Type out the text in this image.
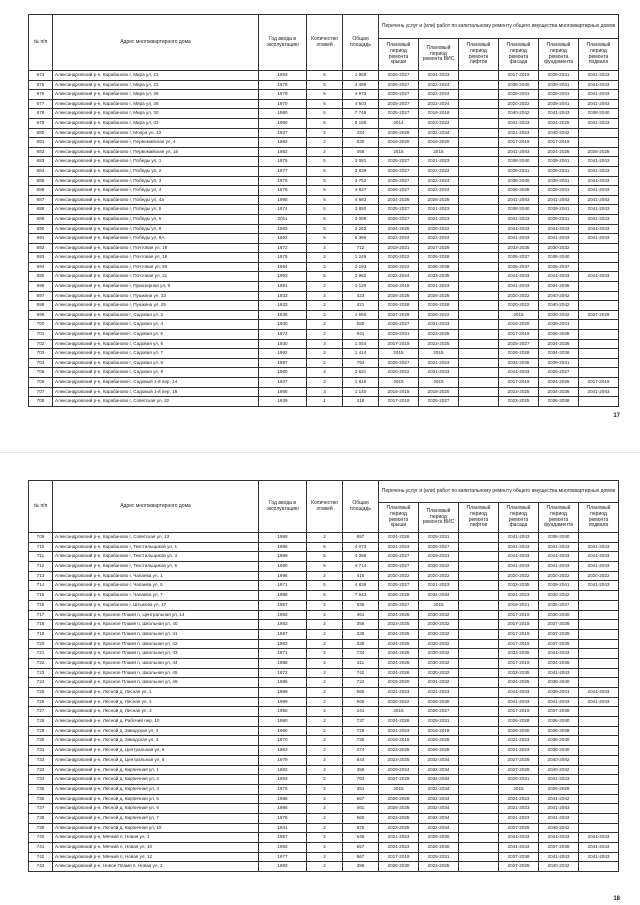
№ п/п	Адрес многоквартирного дома	Год ввода в эксплуатацию	Количество этажей	Общая площадь	Перечень услуг и (или) работ по капитальному ремонту общего имущества многоквартирных домов					
					Плановый период ремонта крыши	Плановый период ремонта ВИС	Плановый период ремонта лифтов	Плановый период ремонта фасада	Плановый период ремонта фундамента	Плановый период ремонта подвала
674	Александровский р-н, Карабаново г, Мира ул, 22	1983	5	1 858	2025-2027	2031-2033		2017-2019	2039-2041	2041-2043
675	Александровский р-н, Карабаново г, Мира ул, 23	1978	5	4 486	2026-2027	2022-2024		2038-2040	2039-2041	2041-2043
676	Александровский р-н, Карабаново г, Мира ул, 26	1979	5	4 973	2025-2027	2022-2024		2039-2041	2039-2041	2041-2043
677	Александровский р-н, Карабаново г, Мира ул, 28	1970	5	4 503	2025-2027	2022-2024		2020-2022	2039-2041	2041-2043
678	Александровский р-н, Карабаново г, Мира ул, 30	1980	5	7 746	2025-2027	2016-2018		2040-2042	2041-2043	2038-2040
679	Александровский р-н, Карабаново г, Мира ул, 33	1980	5	6 185	2014	2023-2024		2041-2043	2024-2026	2041-2043
680	Александровский р-н, Карабаново г, Мопра ул, 13	1937	2	424	2026-2028	2032-2034		2021-2023	2040-2042	
681	Александровский р-н, Карабаново г, Первомайская ул, 4	1982	2	630	2018-2020	2018-2020		2017-2019	2017-2019	
682	Александровский р-н, Карабаново г, Первомайская ул, 16	1982	2	458	2015	2015		2041-2043	2024-2026	2026-2028
683	Александровский р-н, Карабаново г, Победы ул, 1	1975	5	3 081	2025-2027	2021-2023		2038-2040	2039-2041	2041-2043
684	Александровский р-н, Карабаново г, Победы ул, 2	1977	5	3 839	2025-2027	2022-2024		2039-2041	2039-2041	2041-2043
685	Александровский р-н, Карабаново г, Победы ул, 3	1975	5	3 752	2025-2027	2022-2024		2038-2040	2039-2041	2041-2043
686	Александровский р-н, Карабаново г, Победы ул, 4	1976	5	4 827	2026-2027	2022-2024		2036-2038	2039-2041	2041-2043
687	Александровский р-н, Карабаново г, Победы ул, 4а	1988	5	4 683	2024-2026	2026-2028		2041-2043	2041-2043	2041-2043
688	Александровский р-н, Карабаново г, Победы ул, 5	1974	5	3 650	2025-2027	2021-2023		2038-2040	2039-2041	2041-2043
689	Александровский р-н, Карабаново г, Победы ул, 6	2011	5	3 089	2025-2027	2021-2023		2041-2043	2039-2041	2041-2043
690	Александровский р-н, Карабаново г, Победы ул, 8	1983	5	3 262	2024-2026	2020-2022		2041-2043	2041-2043	2041-2043
691	Александровский р-н, Карабаново г, Победы ул, 8А	1992	5	5 396	2022-2024	2022-2024		2041-2043	2041-2043	2041-2043
692	Александровский р-н, Карабаново г, Почтовая ул, 19	1972	2	712	2019-2021	2027-2029		2033-2035	2030-2032	
693	Александровский р-н, Карабаново г, Почтовая ул, 19	1975	3	1 249	2020-2022	2026-2028		2035-2037	2038-2040	
694	Александровский р-н, Карабаново г, Почтовая ул, 20	1984	3	2 193	2020-2022	2036-2038		2035-2037	2035-2037	
695	Александровский р-н, Карабаново г, Почтовая ул, 21	1993	5	2 982	2022-2024	2033-2035		2041-2043	2041-2043	2041-2043
696	Александровский р-н, Карабаново г, Приозерная ул, 6	1981	2	1 120	2016-2018	2021-2023		2041-2043	2034-2036	
697	Александровский р-н, Карабаново г, Пушкина ул, 23	1933	2	423	2026-2028	2026-2028		2020-2022	2040-2042	
698	Александровский р-н, Карабаново г, Пушкина ул, 25	1933	2	421	2026-2028	2026-2028		2020-2022	2040-2042	
699	Александровский р-н, Карабаново г, Садовая ул, 3	1938	3	1 550	2027-2029	2020-2022		2015	2030-2032	2027-2029
700	Александровский р-н, Карабаново г, Садовая ул, 4	1930	2	580	2025-2027	2031-2033		2016-2020	2039-2041	
701	Александровский р-н, Карабаново г, Садовая ул, 5	1972	2	941	2029-2031	2023-2025		2017-2019	2036-2038	
702	Александровский р-н, Карабаново г, Садовая ул, 6	1930	3	1 054	2017-2019	2023-2025		2025-2027	2034-2036	
703	Александровский р-н, Карабаново г, Садовая ул, 7	1992	3	1 414	2015	2015		2026-2028	2034-2036	
704	Александровский р-н, Карабаново г, Садовая ул, 8	1987	2	793	2025-2027	2021-2023		2033-2035	2039-2041	
705	Александровский р-н, Карабаново г, Садовая ул, 9	1980	4	2 831	2020-2022	2031-2033		2041-2043	2025-2027	
706	Александровский р-н, Карабаново г, Садовый 1-й пер, 14	1937	3	1 815	2015	2015		2017-2019	2024-2026	2017-2019
707	Александровский р-н, Карабаново г, Садовый 1-й пер, 18	1958	3	1 140	2016-2018	2018-2020		2023-2025	2034-2036	2041-2043
708	Александровский р-н, Карабаново г, Советская ул, 32	1939	1	418	2017-2019	2025-2027		2023-2025	2036-2038	
17
№ п/п	Адрес многоквартирного дома	Год ввода в эксплуатацию	Количество этажей	Общая площадь	Перечень услуг и (или) работ по капитальному ремонту общего имущества многоквартирных домов					
					Плановый период ремонта крыши	Плановый период ремонта ВИС	Плановый период ремонта лифтов	Плановый период ремонта фасада	Плановый период ремонта фундамента	Плановый период ремонта подвала
709	Александровский р-н, Карабаново г, Советская ул, 13	1988	2	897	2024-2026	2029-2031		2041-2043	2038-2040	
710	Александровский р-н, Карабаново г, Текстильщиков ул, 1	1985	5	4 073	2021-2023	2025-2027		2041-2043	2041-2043	2041-2043
711	Александровский р-н, Карабаново г, Текстильщиков ул, 3	1989	5	4 065	2025-2027	2029-2031		2041-2043	2041-2043	2041-2043
712	Александровский р-н, Карабаново г, Текстильщиков ул, 5	1990	5	4 714	2025-2027	2030-2032		2041-2043	2041-2043	2041-2043
713	Александровский р-н, Карабаново г, Чапаева ул, 1	1996	2	416	2020-2022	2020-2022		2020-2022	2020-2022	2020-2022
714	Александровский р-н, Карабаново г, Чапаева ул, 5	1971	5	4 836	2025-2027	2021-2023		2033-2035	2039-2041	2041-2043
715	Александровский р-н, Карабаново г, Чапаева ул, 7	1988	5	7 643	2026-2028	2032-2034		2021-2023	2040-2042	
716	Александровский р-н, Карабаново г, Штыкова ул, 17	1957	2	536	2025-2027	2015		2018-2021	2035-2037	
717	Александровский р-н, Красное Пламя п, Центральная ул, 14	1983	2	461	2024-2026	2030-2032		2017-2019	2036-2040	
718	Александровский р-н, Красное Пламя п, Школьная ул, 40	1983	2	356	2023-2025	2030-2032		2017-2019	2037-2039	
719	Александровский р-н, Красное Пламя п, Школьная ул, 41	1987	2	338	2024-2026	2030-2032		2017-2019	2037-2039	
720	Александровский р-н, Красное Пламя п, Школьная ул, 42	1983	2	338	2024-2026	2030-2032		2017-2019	2037-2039	
721	Александровский р-н, Красное Пламя п, Школьная ул, 43	1971	2	734	2024-2026	2030-2032		2033-2035	2041-2043	
722	Александровский р-н, Красное Пламя п, Школьная ул, 44	1988	2	311	2024-2026	2030-2032		2017-2019	2034-2036	
723	Александровский р-н, Красное Пламя п, Школьная ул, 45	1972	2	742	2024-2026	2030-2032		2033-2035	2041-2043	
724	Александровский р-н, Красное Пламя п, Школьная ул, 46	1986	2	722	2015-2020	2031-2032		2024-2026	2038-2040	
725	Александровский р-н, Лесной д, Лесная ул, 1	1989	2	565	2021-2023	2021-2023		2041-2043	2039-2041	2041-2043
726	Александровский р-н, Лесной д, Лесная ул, 2	1989	2	565	2020-2022	2028-2030		2041-2043	2041-2043	2041-2043
727	Александровский р-н, Лесной д, Лесная ул, 3	1958	2	241	2015	2026-2027		2017-2019	2037-2039	
728	Александровский р-н, Лесной д, Рабочий пер, 10	1980	2	737	2024-2026	2029-2031		2026-2028	2036-2040	
729	Александровский р-н, Лесной д, Заводская ул, 2	1960	2	726	2021-2023	2016-2018		2028-2030	2036-2038	
730	Александровский р-н, Лесной д, Заводская ул, 3	1970	2	736	2016-2018	2026-2028		2021-2023	2038-2040	
731	Александровский р-н, Лесной д, Центральная ул, 6	1963	2	274	2023-2025	2026-2028		2021-2023	2038-2040	
732	Александровский р-н, Лесной д, Центральная ул, 8	1979	2	844	2023-2025	2032-2034		2027-2029	2040-2042	
733	Александровский р-н, Лесной д, Кирпичная ул, 1	1983	2	356	2029-2024	2032-2034		2027-2029	2040-2042	
734	Александровский р-н, Лесной д, Кирпичная ул, 2	1983	2	763	2027-2029	2032-2034		2020-2031	2041-2043	
735	Александровский р-н, Лесной д, Кирпичная ул, 4	1975	2	351	2015	2032-2034		2015	2026-2028	
736	Александровский р-н, Лесной д, Кирпичная ул, 5	1986	2	567	2026-2028	2032-2034		2021-2023	2041-2042	
737	Александровский р-н, Лесной д, Кирпичная ул, 6	1986	2	461	2026-2028	2032-2034		2021-2023	2041-2043	
738	Александровский р-н, Лесной д, Кирпичная ул, 7	1978	2	560	2023-2025	2032-2034		2021-2023	2041-2043	
739	Александровский р-н, Лесной д, Кирпичная ул, 10	1931	2	576	2023-2025	2032-2034		2027-2029	2040-2042	
740	Александровский р-н, Мячкий п, Новая ул, 1	1987	2	546	2021-2023	2028-2030		2041-2043	2041-2043	2041-2043
741	Александровский р-н, Мячкий п, Новая ул, 10	1983	2	557	2021-2023	2028-2030		2041-2043	2037-2039	2041-2043
742	Александровский р-н, Мячкий п, Новая ул, 12	1977	2	567	2017-2019	2029-2031		2037-2039	2041-2043	2041-2043
743	Александровский р-н, Новое Пламя п, Новая ул, 2	1983	2	396	2028-2030	2023-2025		2027-2029	2040-2042	
18
